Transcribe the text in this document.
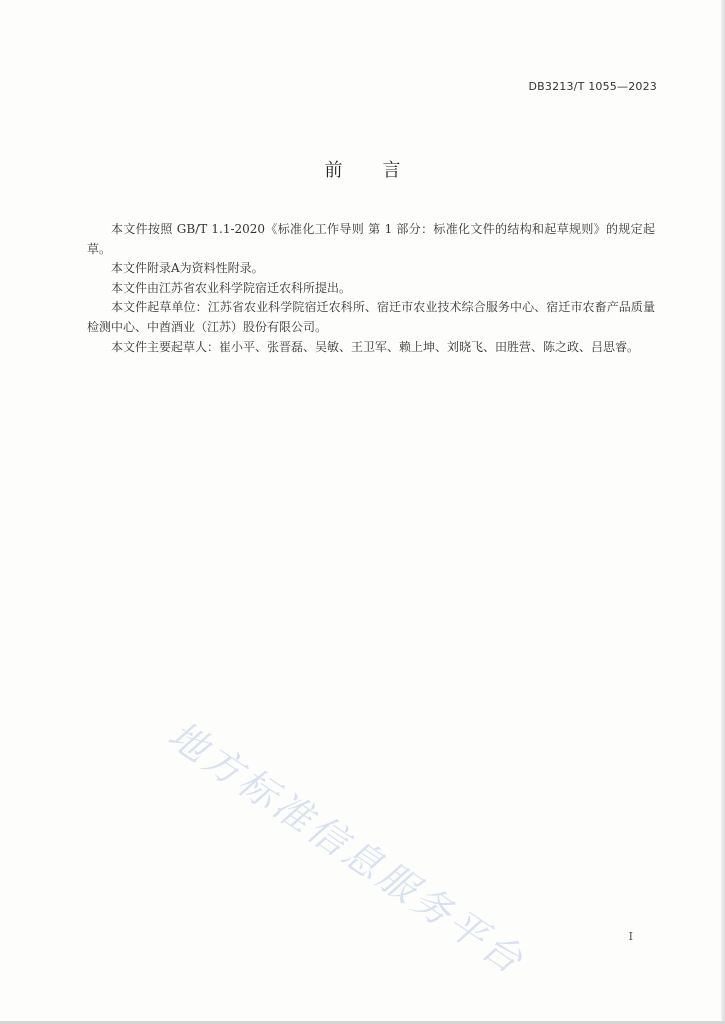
DB3213/T 1055—2023
前言

本文件按照 GB/T 1.1-2020《标准化工作导则 第 1 部分：标准化文件的结构和起草规则》的规定起草。

本文件附录A为资料性附录。

本文件由江苏省农业科学院宿迁农科所提出。

本文件起草单位：江苏省农业科学院宿迁农科所、宿迁市农业技术综合服务中心、宿迁市农畜产品质量检测中心、中酋酒业（江苏）股份有限公司。

本文件主要起草人：崔小平、张晋磊、吴敏、王卫军、赖上坤、刘晓飞、田胜营、陈之政、吕思睿。

地方标准信息服务平台	I
